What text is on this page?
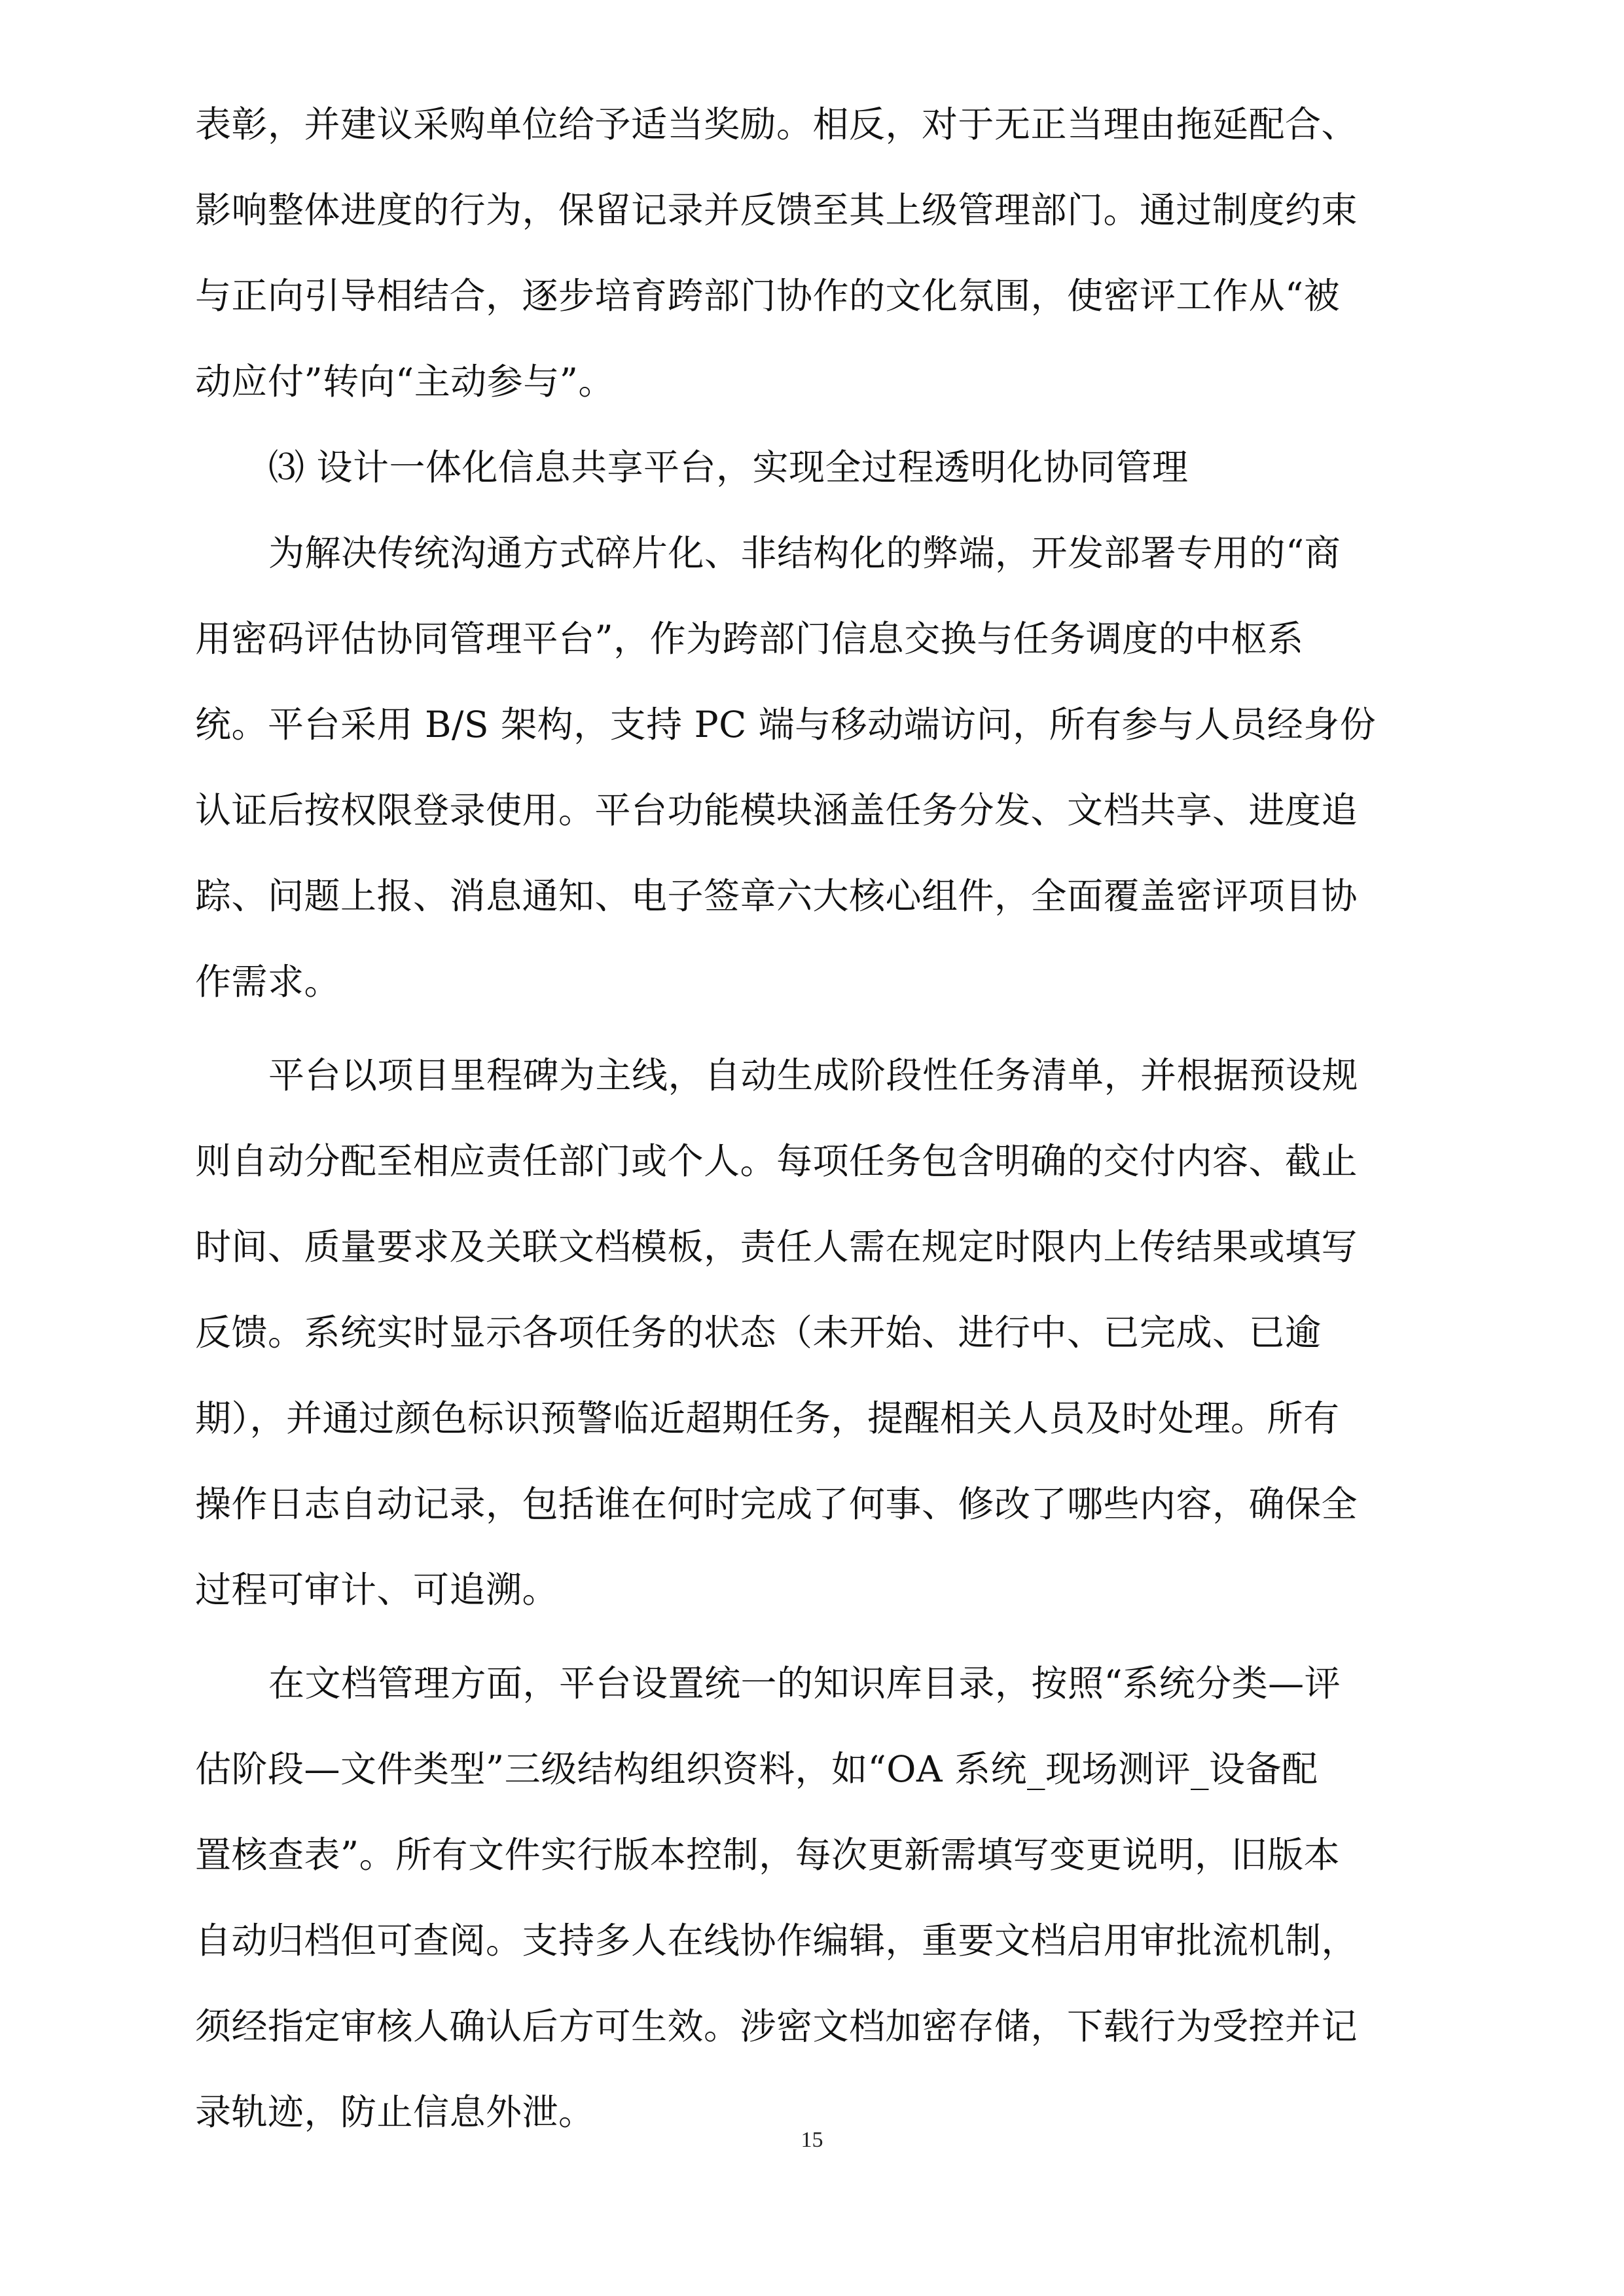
表彰，并建议采购单位给予适当奖励。相反，对于无正当理由拖延配合、
影响整体进度的行为，保留记录并反馈至其上级管理部门。通过制度约束
与正向引导相结合，逐步培育跨部门协作的文化氛围，使密评工作从“被
动应付”转向“主动参与”。
⑶ 设计一体化信息共享平台，实现全过程透明化协同管理
为解决传统沟通方式碎片化、非结构化的弊端，开发部署专用的“商
用密码评估协同管理平台”，作为跨部门信息交换与任务调度的中枢系
统。平台采用 B/S 架构，支持 PC 端与移动端访问，所有参与人员经身份
认证后按权限登录使用。平台功能模块涵盖任务分发、文档共享、进度追
踪、问题上报、消息通知、电子签章六大核心组件，全面覆盖密评项目协
作需求。
平台以项目里程碑为主线，自动生成阶段性任务清单，并根据预设规
则自动分配至相应责任部门或个人。每项任务包含明确的交付内容、截止
时间、质量要求及关联文档模板，责任人需在规定时限内上传结果或填写
反馈。系统实时显示各项任务的状态（未开始、进行中、已完成、已逾
期），并通过颜色标识预警临近超期任务，提醒相关人员及时处理。所有
操作日志自动记录，包括谁在何时完成了何事、修改了哪些内容，确保全
过程可审计、可追溯。
在文档管理方面，平台设置统一的知识库目录，按照“系统分类—评
估阶段—文件类型”三级结构组织资料，如“OA 系统_现场测评_设备配
置核查表”。所有文件实行版本控制，每次更新需填写变更说明，旧版本
自动归档但可查阅。支持多人在线协作编辑，重要文档启用审批流机制，
须经指定审核人确认后方可生效。涉密文档加密存储，下载行为受控并记
录轨迹，防止信息外泄。
15
